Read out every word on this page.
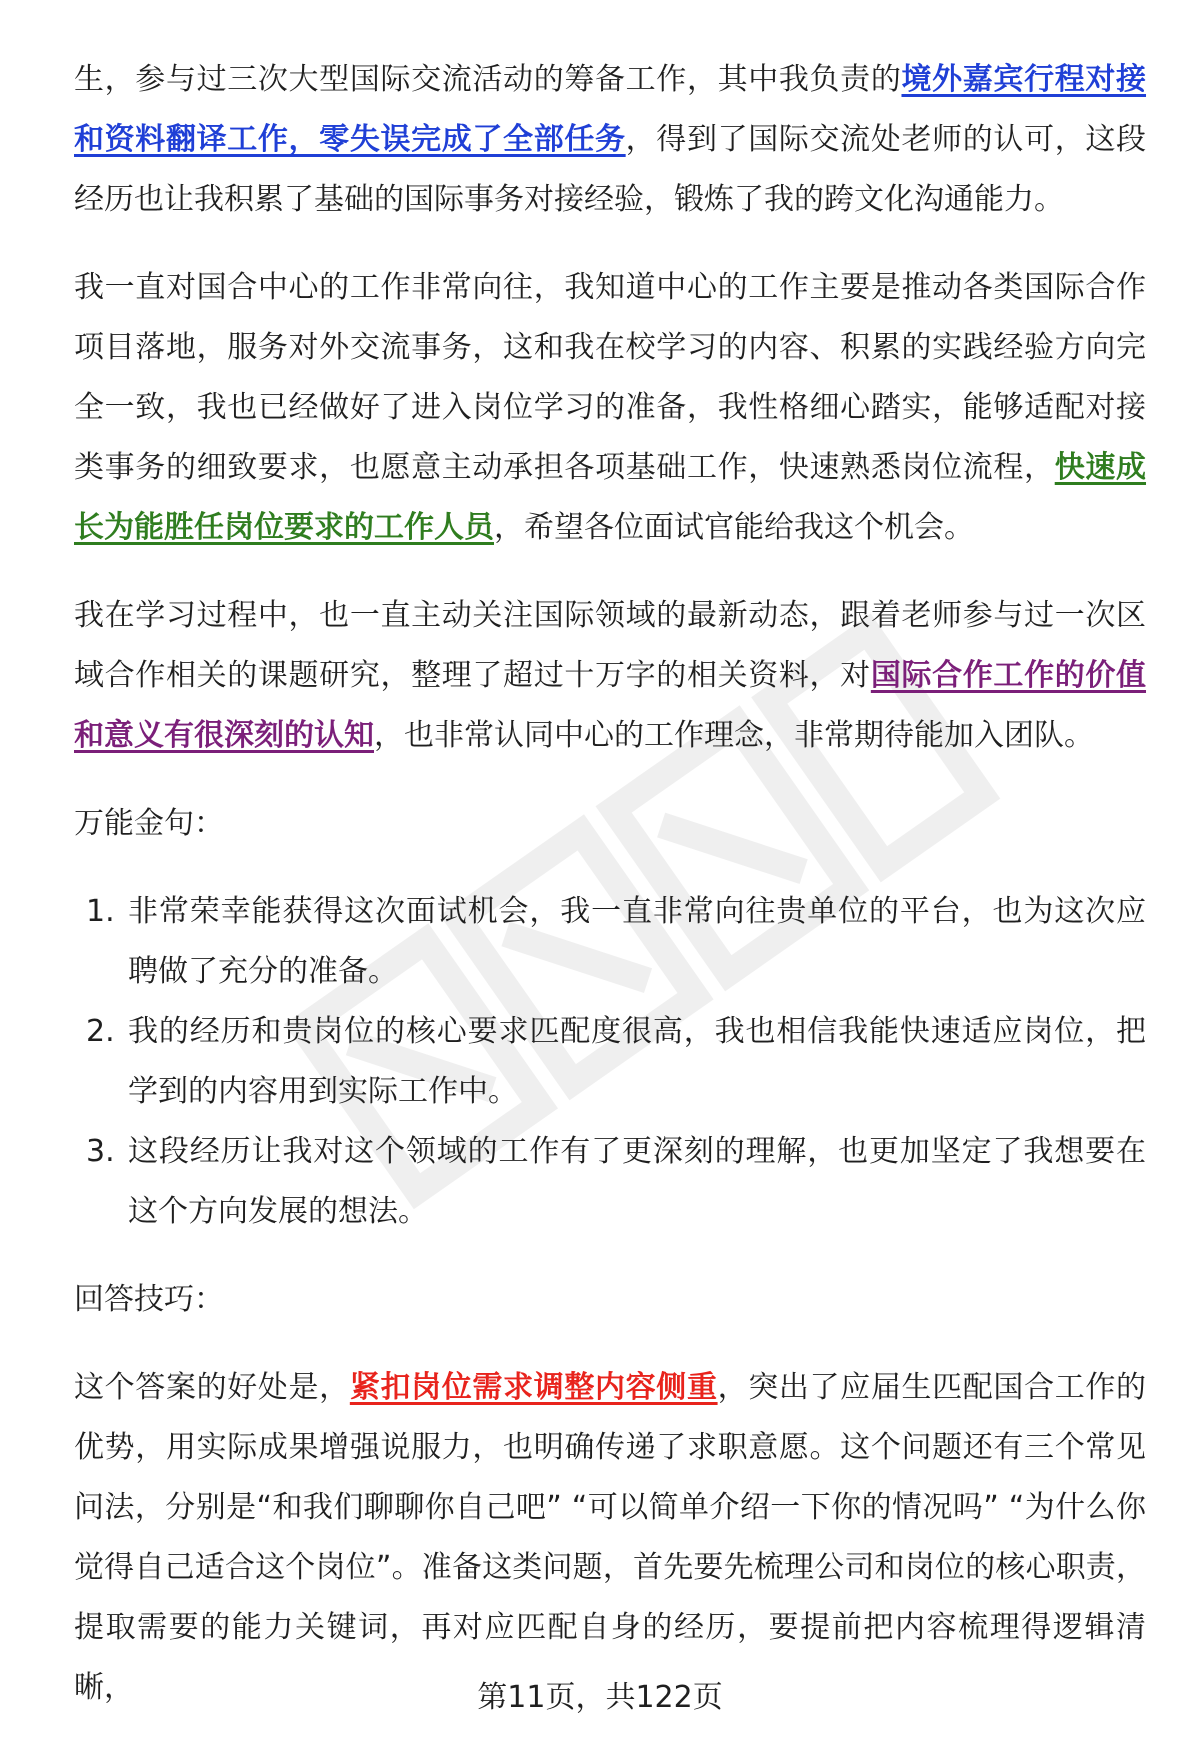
生，参与过三次大型国际交流活动的筹备工作，其中我负责的境外嘉宾行程对接和资料翻译工作，零失误完成了全部任务，得到了国际交流处老师的认可，这段经历也让我积累了基础的国际事务对接经验，锻炼了我的跨文化沟通能力。

我一直对国合中心的工作非常向往，我知道中心的工作主要是推动各类国际合作项目落地，服务对外交流事务，这和我在校学习的内容、积累的实践经验方向完全一致，我也已经做好了进入岗位学习的准备，我性格细心踏实，能够适配对接类事务的细致要求，也愿意主动承担各项基础工作，快速熟悉岗位流程，快速成长为能胜任岗位要求的工作人员，希望各位面试官能给我这个机会。

我在学习过程中，也一直主动关注国际领域的最新动态，跟着老师参与过一次区域合作相关的课题研究，整理了超过十万字的相关资料，对国际合作工作的价值和意义有很深刻的认知，也非常认同中心的工作理念，非常期待能加入团队。

万能金句：

1. 非常荣幸能获得这次面试机会，我一直非常向往贵单位的平台，也为这次应聘做了充分的准备。
2. 我的经历和贵岗位的核心要求匹配度很高，我也相信我能快速适应岗位，把学到的内容用到实际工作中。
3. 这段经历让我对这个领域的工作有了更深刻的理解，也更加坚定了我想要在这个方向发展的想法。

回答技巧：

这个答案的好处是，紧扣岗位需求调整内容侧重，突出了应届生匹配国合工作的优势，用实际成果增强说服力，也明确传递了求职意愿。这个问题还有三个常见问法，分别是“和我们聊聊你自己吧” “可以简单介绍一下你的情况吗” “为什么你觉得自己适合这个岗位”。准备这类问题，首先要先梳理公司和岗位的核心职责，提取需要的能力关键词，再对应匹配自身的经历，要提前把内容梳理得逻辑清晰，	第11页，共122页
